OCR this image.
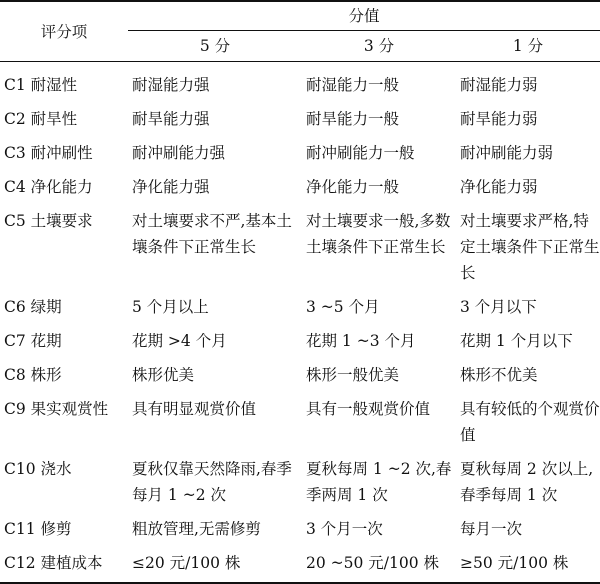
评分项	分值		
	5 分	3 分	1 分
C1 耐湿性	耐湿能力强	耐湿能力一般	耐湿能力弱
C2 耐旱性	耐旱能力强	耐旱能力一般	耐旱能力弱
C3 耐冲刷性	耐冲刷能力强	耐冲刷能力一般	耐冲刷能力弱
C4 净化能力	净化能力强	净化能力一般	净化能力弱
C5 土壤要求	对土壤要求不严,基本土壤条件下正常生长	对土壤要求一般,多数土壤条件下正常生长	对土壤要求严格,特定土壤条件下正常生长
C6 绿期	5 个月以上	3 ~5 个月	3 个月以下
C7 花期	花期 >4 个月	花期 1 ~3 个月	花期 1 个月以下
C8 株形	株形优美	株形一般优美	株形不优美
C9 果实观赏性	具有明显观赏价值	具有一般观赏价值	具有较低的个观赏价值
C10 浇水	夏秋仅靠天然降雨,春季每月 1 ~2 次	夏秋每周 1 ~2 次,春季两周 1 次	夏秋每周 2 次以上,春季每周 1 次
C11 修剪	粗放管理,无需修剪	3 个月一次	每月一次
C12 建植成本	≤20 元/100 株	20 ~50 元/100 株	≥50 元/100 株
